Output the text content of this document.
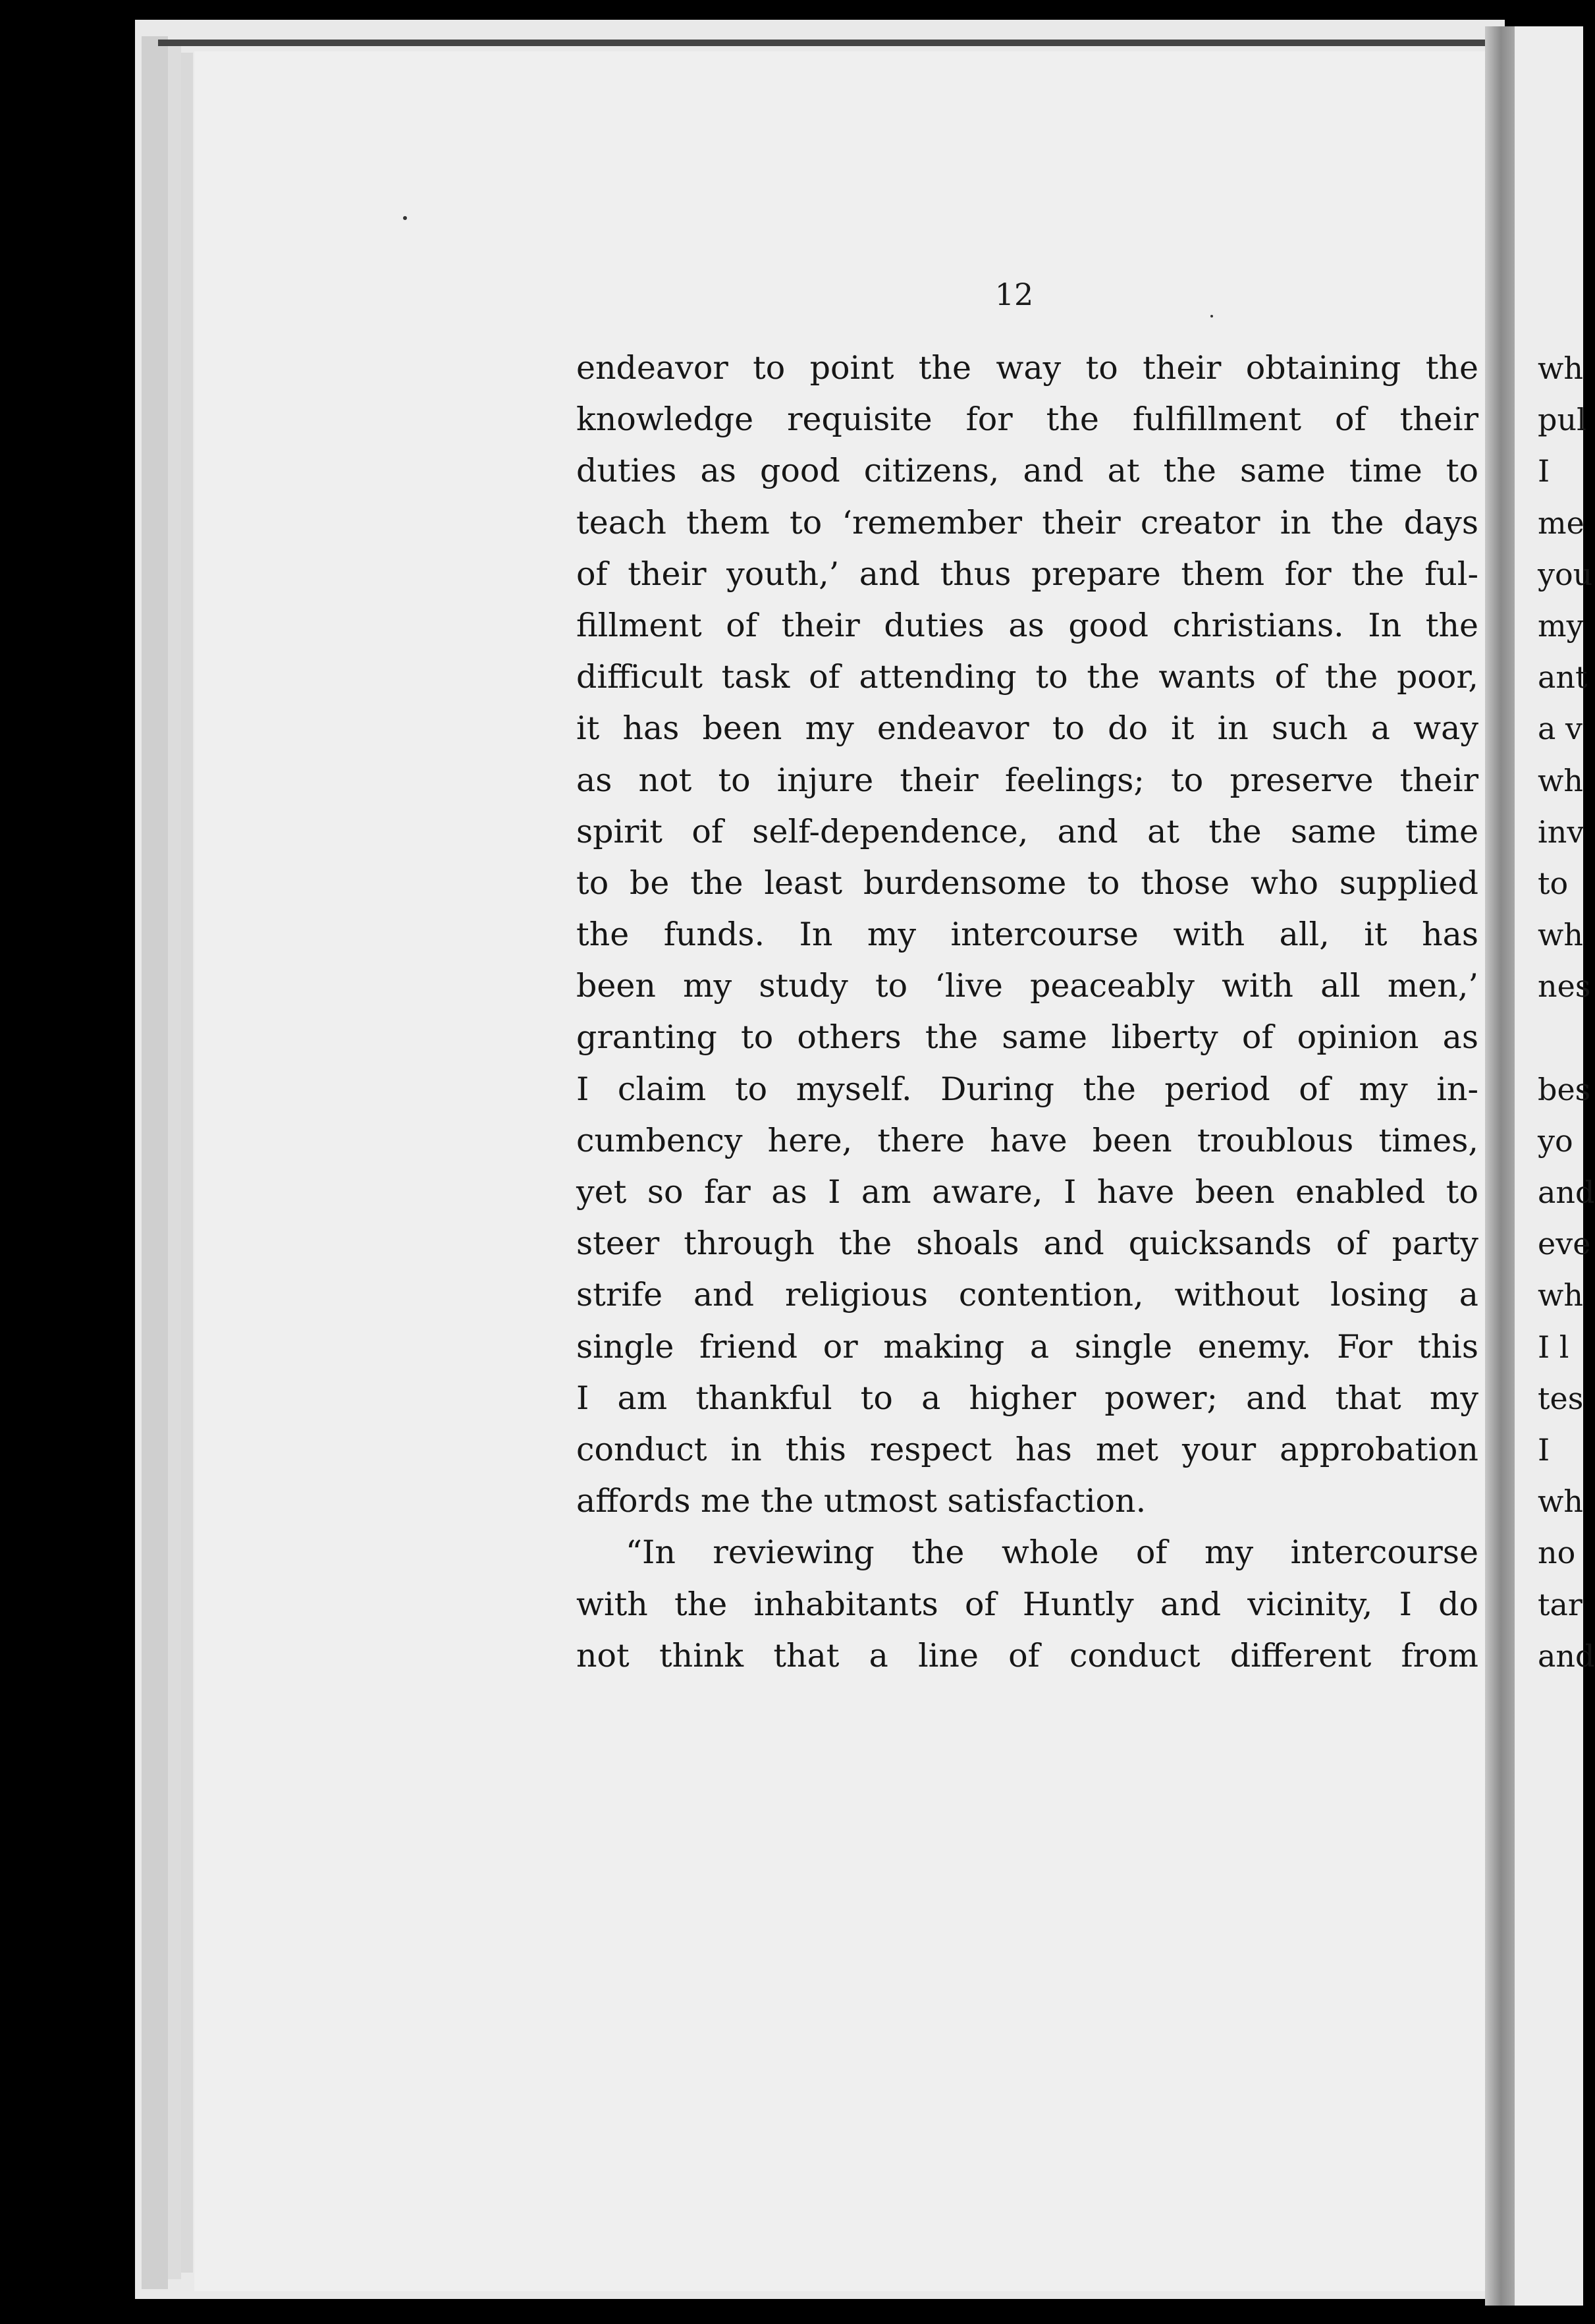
12
endeavor to point the way to their obtaining the
knowledge requisite for the fulfillment of their
duties as good citizens, and at the same time to
teach them to ‘remember their creator in the days
of their youth,’ and thus prepare them for the ful-
fillment of their duties as good christians. In the
difficult task of attending to the wants of the poor,
it has been my endeavor to do it in such a way
as not to injure their feelings; to preserve their
spirit of self-dependence, and at the same time
to be the least burdensome to those who supplied
the funds. In my intercourse with all, it has
been my study to ‘live peaceably with all men,’
granting to others the same liberty of opinion as
I claim to myself. During the period of my in-
cumbency here, there have been troublous times,
yet so far as I am aware, I have been enabled to
steer through the shoals and quicksands of party
strife and religious contention, without losing a
single friend or making a single enemy. For this
I am thankful to a higher power; and that my
conduct in this respect has met your approbation
affords me the utmost satisfaction.
“In reviewing the whole of my intercourse
with the inhabitants of Huntly and vicinity, I do
not think that a line of conduct different from
wh
pul
I
me
you
my
ant
a v
wh
inv
to
wh
nes
bes
yo
and
eve
wh
I l
tes
I
wh
no
tar
and
